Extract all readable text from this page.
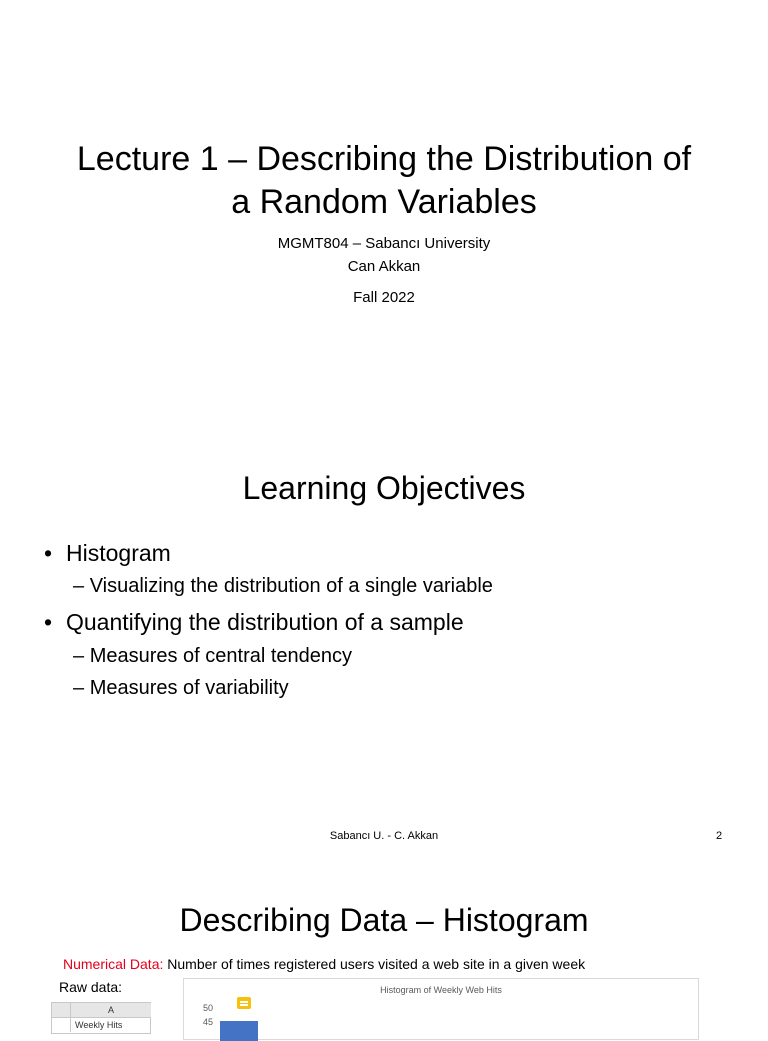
Lecture 1 – Describing the Distribution of
a Random Variables
MGMT804 – Sabancı University
Can Akkan
Fall 2022
Learning Objectives
• Histogram
– Visualizing the distribution of a single variable
• Quantifying the distribution of a sample
– Measures of central tendency
– Measures of variability
Sabancı U. - C. Akkan	2
Describing Data – Histogram
Numerical Data: Number of times registered users visited a web site in a given week
Raw data:
A
Weekly Hits
Histogram of Weekly Web Hits
50
45
